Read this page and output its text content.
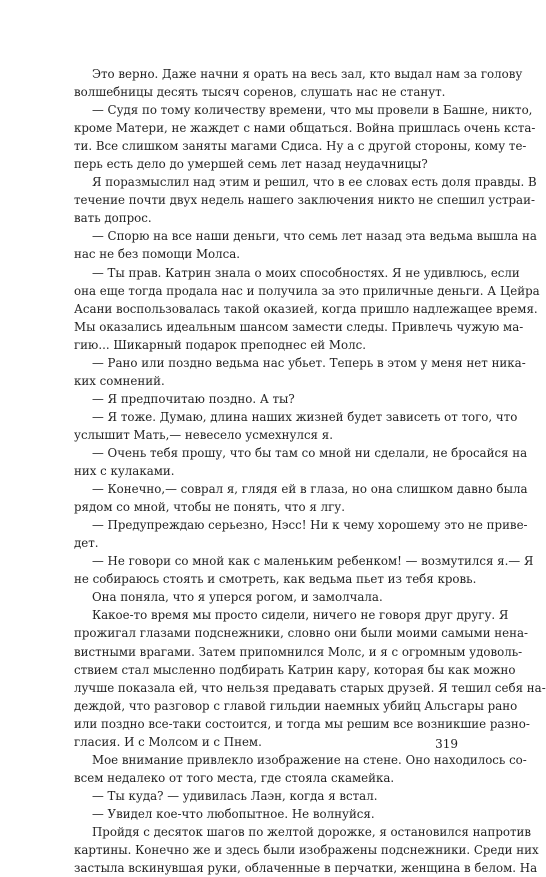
Это верно. Даже начни я орать на весь зал, кто выдал нам за голову
волшебницы десять тысяч соренов, слушать нас не станут.
— Судя по тому количеству времени, что мы провели в Башне, никто,
кроме Матери, не жаждет с нами общаться. Война пришлась очень кста-
ти. Все слишком заняты магами Сдиса. Ну а с другой стороны, кому те-
перь есть дело до умершей семь лет назад неудачницы?
Я поразмыслил над этим и решил, что в ее словах есть доля правды. В
течение почти двух недель нашего заключения никто не спешил устраи-
вать допрос.
— Спорю на все наши деньги, что семь лет назад эта ведьма вышла на
нас не без помощи Молса.
— Ты прав. Катрин знала о моих способностях. Я не удивлюсь, если
она еще тогда продала нас и получила за это приличные деньги. А Цейра
Асани воспользовалась такой оказией, когда пришло надлежащее время.
Мы оказались идеальным шансом замести следы. Привлечь чужую ма-
гию... Шикарный подарок преподнес ей Молс.
— Рано или поздно ведьма нас убьет. Теперь в этом у меня нет ника-
ких сомнений.
— Я предпочитаю поздно. А ты?
— Я тоже. Думаю, длина наших жизней будет зависеть от того, что
услышит Мать,— невесело усмехнулся я.
— Очень тебя прошу, что бы там со мной ни сделали, не бросайся на
них с кулаками.
— Конечно,— соврал я, глядя ей в глаза, но она слишком давно была
рядом со мной, чтобы не понять, что я лгу.
— Предупреждаю серьезно, Нэсс! Ни к чему хорошему это не приве-
дет.
— Не говори со мной как с маленьким ребенком! — возмутился я.— Я
не собираюсь стоять и смотреть, как ведьма пьет из тебя кровь.
Она поняла, что я уперся рогом, и замолчала.
Какое-то время мы просто сидели, ничего не говоря друг другу. Я
прожигал глазами подснежники, словно они были моими самыми нена-
вистными врагами. Затем припомнился Молс, и я с огромным удоволь-
ствием стал мысленно подбирать Катрин кару, которая бы как можно
лучше показала ей, что нельзя предавать старых друзей. Я тешил себя на-
деждой, что разговор с главой гильдии наемных убийц Альсгары рано
или поздно все-таки состоится, и тогда мы решим все возникшие разно-
гласия. И с Молсом и с Пнем.
Мое внимание привлекло изображение на стене. Оно находилось со-
всем недалеко от того места, где стояла скамейка.
— Ты куда? — удивилась Лаэн, когда я встал.
— Увидел кое-что любопытное. Не волнуйся.
Пройдя с десяток шагов по желтой дорожке, я остановился напротив
картины. Конечно же и здесь были изображены подснежники. Среди них
застыла вскинувшая руки, облаченные в перчатки, женщина в белом. На
319
